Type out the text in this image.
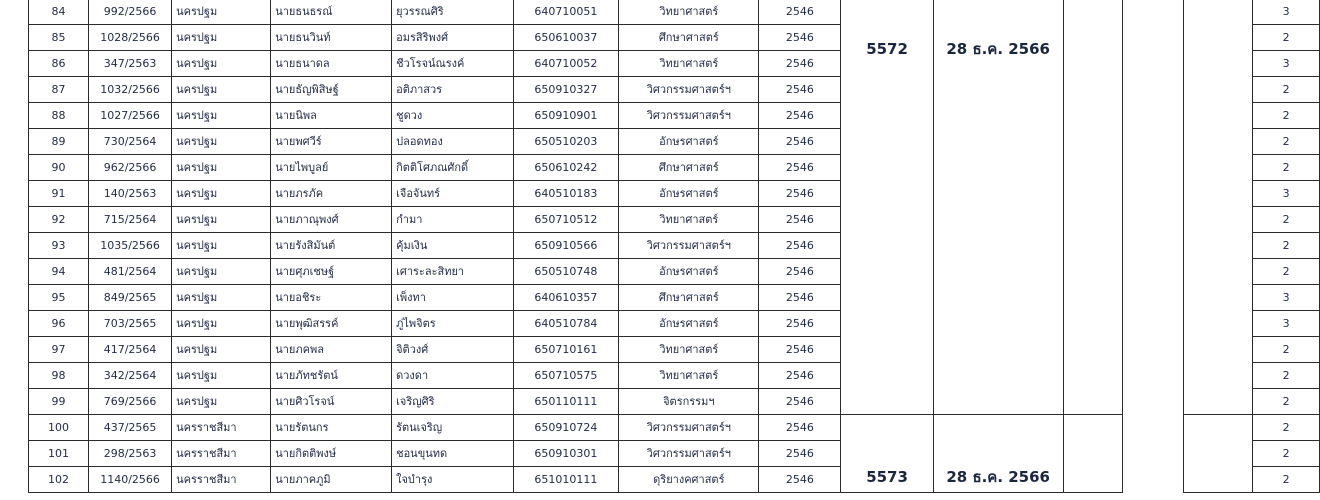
84	992/2566	นครปฐม	นายธนธรณ์	ยุวรรณศิริ	640710051	วิทยาศาสตร์	2546	5572	28 ธ.ค. 2566				3
85	1028/2566	นครปฐม	นายธนวินท์	อมรสิริพงศ์	650610037	ศึกษาศาสตร์	2546						2
86	347/2563	นครปฐม	นายธนาดล	ชีวโรจน์ณรงค์	640710052	วิทยาศาสตร์	2546						3
87	1032/2566	นครปฐม	นายธัญพิสิษฐ์	อติภาสวร	650910327	วิศวกรรมศาสตร์ฯ	2546						2
88	1027/2566	นครปฐม	นายนิพล	ชูดวง	650910901	วิศวกรรมศาสตร์ฯ	2546						2
89	730/2564	นครปฐม	นายพศวีร์	ปลอดทอง	650510203	อักษรศาสตร์	2546						2
90	962/2566	นครปฐม	นายไพบูลย์	กิตติโศภณศักดิ์	650610242	ศึกษาศาสตร์	2546						2
91	140/2563	นครปฐม	นายภรภัค	เจือจันทร์	640510183	อักษรศาสตร์	2546						3
92	715/2564	นครปฐม	นายภาณุพงศ์	กำมา	650710512	วิทยาศาสตร์	2546						2
93	1035/2566	นครปฐม	นายรังสิมันต์	คุ้มเงิน	650910566	วิศวกรรมศาสตร์ฯ	2546						2
94	481/2564	นครปฐม	นายศุภเชษฐ์	เศาระละสิทยา	650510748	อักษรศาสตร์	2546						2
95	849/2565	นครปฐม	นายอชิระ	เพ็งทา	640610357	ศึกษาศาสตร์	2546						3
96	703/2565	นครปฐม	นายพุฒิสรรค์	ภู่ไพจิตร	640510784	อักษรศาสตร์	2546						3
97	417/2564	นครปฐม	นายภคพล	จิติวงศ์	650710161	วิทยาศาสตร์	2546						2
98	342/2564	นครปฐม	นายภัทชรัตน์	ดวงดา	650710575	วิทยาศาสตร์	2546						2
99	769/2566	นครปฐม	นายศิวโรจน์	เจริญศิริ	650110111	จิตรกรรมฯ	2546						2
100	437/2565	นครราชสีมา	นายรัตนกร	รัตนเจริญ	650910724	วิศวกรรมศาสตร์ฯ	2546	5573	28 ธ.ค. 2566				2
101	298/2563	นครราชสีมา	นายกิตติพงษ์	ชอนขุนทด	650910301	วิศวกรรมศาสตร์ฯ	2546						2
102	1140/2566	นครราชสีมา	นายภาคภูมิ	ใจบำรุง	651010111	ดุริยางคศาสตร์	2546						2
